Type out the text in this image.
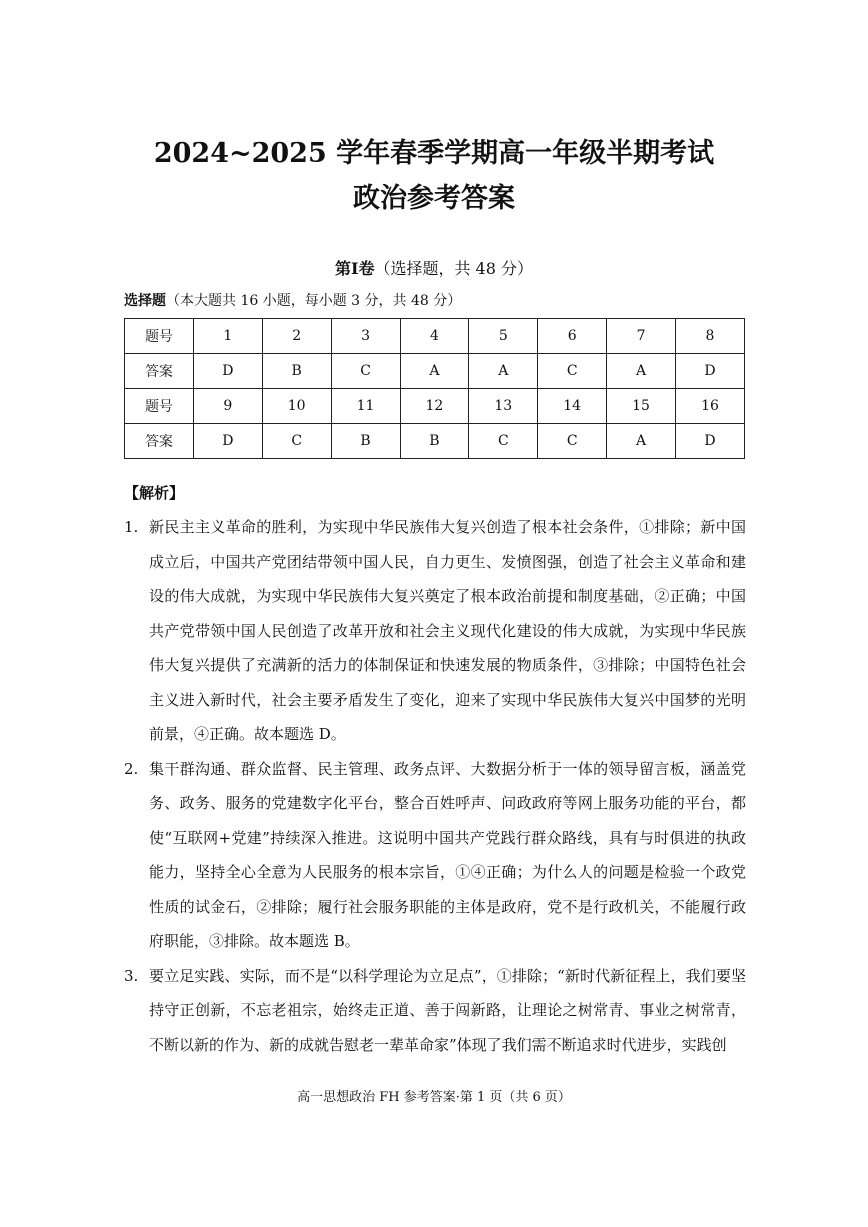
2024~2025 学年春季学期高一年级半期考试
政治参考答案
第Ⅰ卷（选择题，共 48 分）
选择题（本大题共 16 小题，每小题 3 分，共 48 分）
题号	1	2	3	4	5	6	7	8
答案	D	B	C	A	A	C	A	D
题号	9	10	11	12	13	14	15	16
答案	D	C	B	B	C	C	A	D
【解析】
1. 新民主主义革命的胜利，为实现中华民族伟大复兴创造了根本社会条件，①排除；新中国成立后，中国共产党团结带领中国人民，自力更生、发愤图强，创造了社会主义革命和建设的伟大成就，为实现中华民族伟大复兴奠定了根本政治前提和制度基础，②正确；中国共产党带领中国人民创造了改革开放和社会主义现代化建设的伟大成就，为实现中华民族伟大复兴提供了充满新的活力的体制保证和快速发展的物质条件，③排除；中国特色社会主义进入新时代，社会主要矛盾发生了变化，迎来了实现中华民族伟大复兴中国梦的光明前景，④正确。故本题选 D。
2. 集干群沟通、群众监督、民主管理、政务点评、大数据分析于一体的领导留言板，涵盖党务、政务、服务的党建数字化平台，整合百姓呼声、问政政府等网上服务功能的平台，都使“互联网+党建”持续深入推进。这说明中国共产党践行群众路线，具有与时俱进的执政能力，坚持全心全意为人民服务的根本宗旨，①④正确；为什么人的问题是检验一个政党性质的试金石，②排除；履行社会服务职能的主体是政府，党不是行政机关，不能履行政府职能，③排除。故本题选 B。
3. 要立足实践、实际，而不是“以科学理论为立足点”，①排除；“新时代新征程上，我们要坚持守正创新，不忘老祖宗，始终走正道、善于闯新路，让理论之树常青、事业之树常青，不断以新的作为、新的成就告慰老一辈革命家”体现了我们需不断追求时代进步，实践创
高一思想政治 FH 参考答案·第 1 页（共 6 页）
